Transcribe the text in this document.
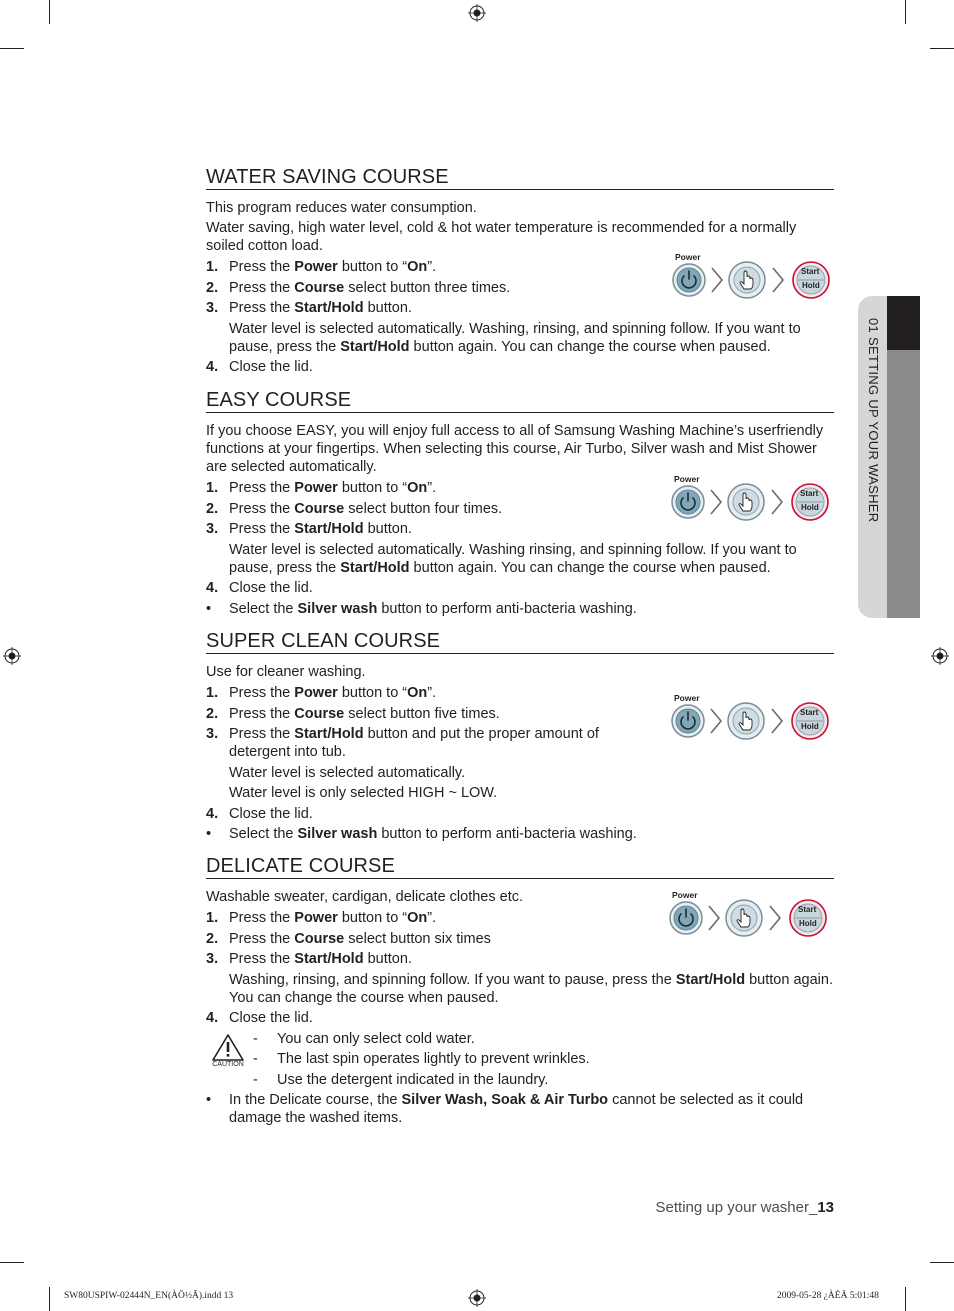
01 SETTING UP YOUR WASHER
WATER SAVING COURSE
This program reduces water consumption.
Water saving, high water level, cold & hot water temperature is recommended for a normally soiled cotton load.
1. Press the Power button to “On”.
2. Press the Course select button three times.
3. Press the Start/Hold button.
Water level is selected automatically. Washing, rinsing, and spinning follow. If you want to pause, press the Start/Hold button again. You can change the course when paused.
4. Close the lid.
EASY COURSE
If you choose EASY, you will enjoy full access to all of Samsung Washing Machine’s userfriendly functions at your fingertips. When selecting this course, Air Turbo, Silver wash and Mist Shower are selected automatically.
1. Press the Power button to “On”.
2. Press the Course select button four times.
3. Press the Start/Hold button.
Water level is selected automatically. Washing rinsing, and spinning follow. If you want to pause, press the Start/Hold button again. You can change the course when paused.
4. Close the lid.
• Select the Silver wash button to perform anti-bacteria washing.
SUPER CLEAN COURSE
Use for cleaner washing.
1. Press the Power button to “On”.
2. Press the Course select button five times.
3. Press the Start/Hold button and put the proper amount of detergent into tub.
Water level is selected automatically.
Water level is only selected HIGH ~ LOW.
4. Close the lid.
• Select the Silver wash button to perform anti-bacteria washing.
DELICATE COURSE
Washable sweater, cardigan, delicate clothes etc.
1. Press the Power button to “On”.
2. Press the Course select button six times
3. Press the Start/Hold button.
Washing, rinsing, and spinning follow. If you want to pause, press the Start/Hold button again. You can change the course when paused.
4. Close the lid.
CAUTION
- You can only select cold water.
- The last spin operates lightly to prevent wrinkles.
- Use the detergent indicated in the laundry.
• In the Delicate course, the Silver Wash, Soak & Air Turbo cannot be selected as it could damage the washed items.
Power
Start
Hold
Power
Start
Hold
Power
Start
Hold
Power
Start
Hold
Setting up your washer_13
SW80USPIW-02444N_EN(ÀÖ½Ã).indd 13	2009-05-28 ¿ÀÈÄ 5:01:48
